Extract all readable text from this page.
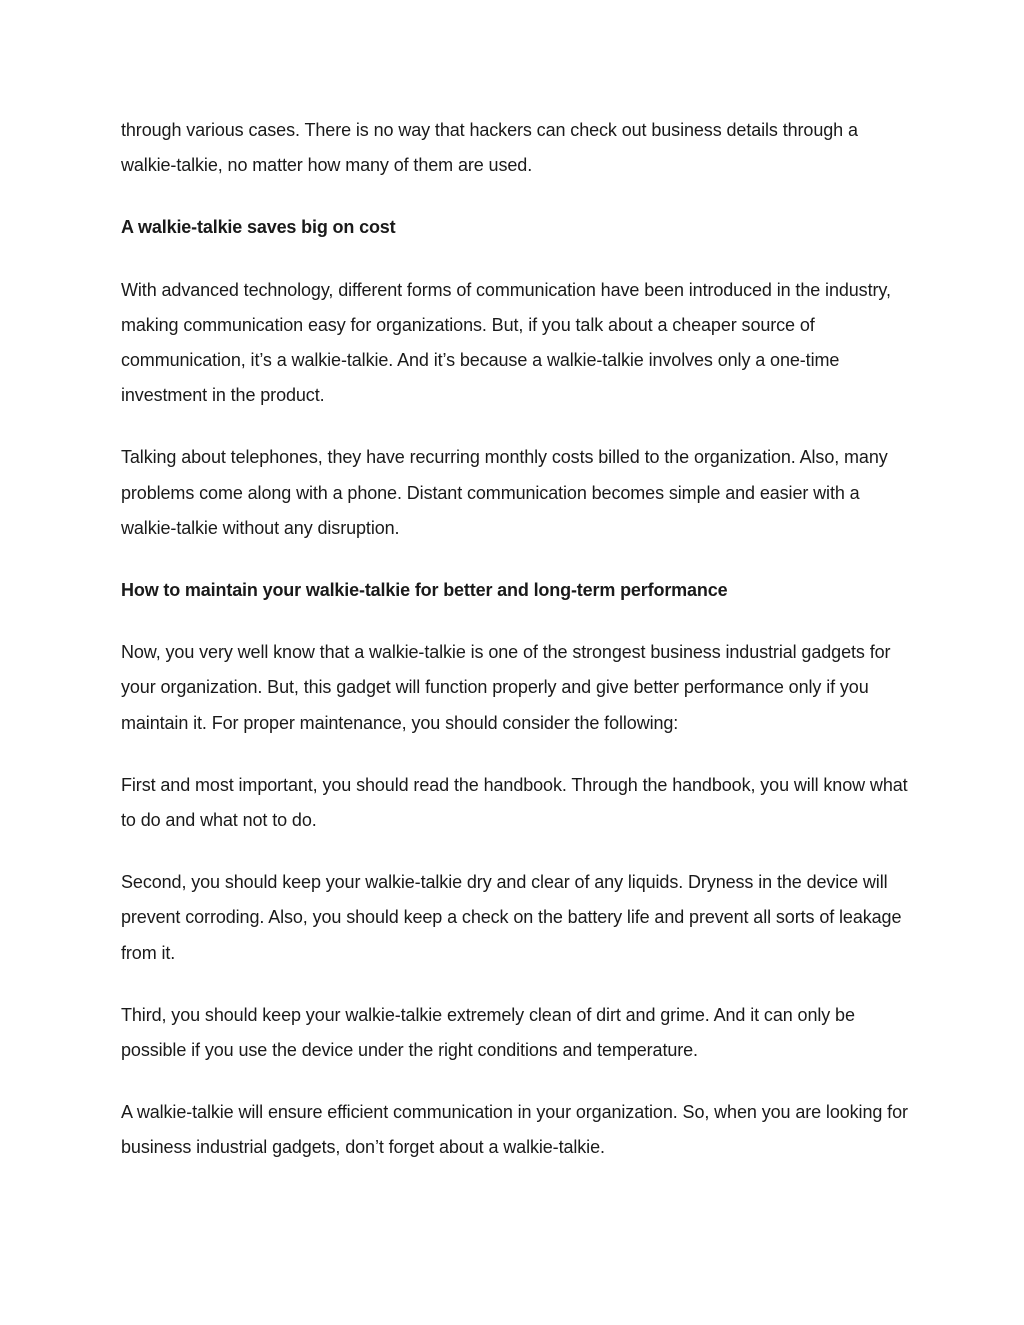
through various cases. There is no way that hackers can check out business details through a walkie-talkie, no matter how many of them are used.

A walkie-talkie saves big on cost

With advanced technology, different forms of communication have been introduced in the industry, making communication easy for organizations. But, if you talk about a cheaper source of communication, it’s a walkie-talkie. And it’s because a walkie-talkie involves only a one-time investment in the product.

Talking about telephones, they have recurring monthly costs billed to the organization. Also, many problems come along with a phone. Distant communication becomes simple and easier with a walkie-talkie without any disruption.

How to maintain your walkie-talkie for better and long-term performance

Now, you very well know that a walkie-talkie is one of the strongest business industrial gadgets for your organization. But, this gadget will function properly and give better performance only if you maintain it. For proper maintenance, you should consider the following:

First and most important, you should read the handbook. Through the handbook, you will know what to do and what not to do.

Second, you should keep your walkie-talkie dry and clear of any liquids. Dryness in the device will prevent corroding. Also, you should keep a check on the battery life and prevent all sorts of leakage from it.

Third, you should keep your walkie-talkie extremely clean of dirt and grime. And it can only be possible if you use the device under the right conditions and temperature.

A walkie-talkie will ensure efficient communication in your organization. So, when you are looking for business industrial gadgets, don’t forget about a walkie-talkie.
